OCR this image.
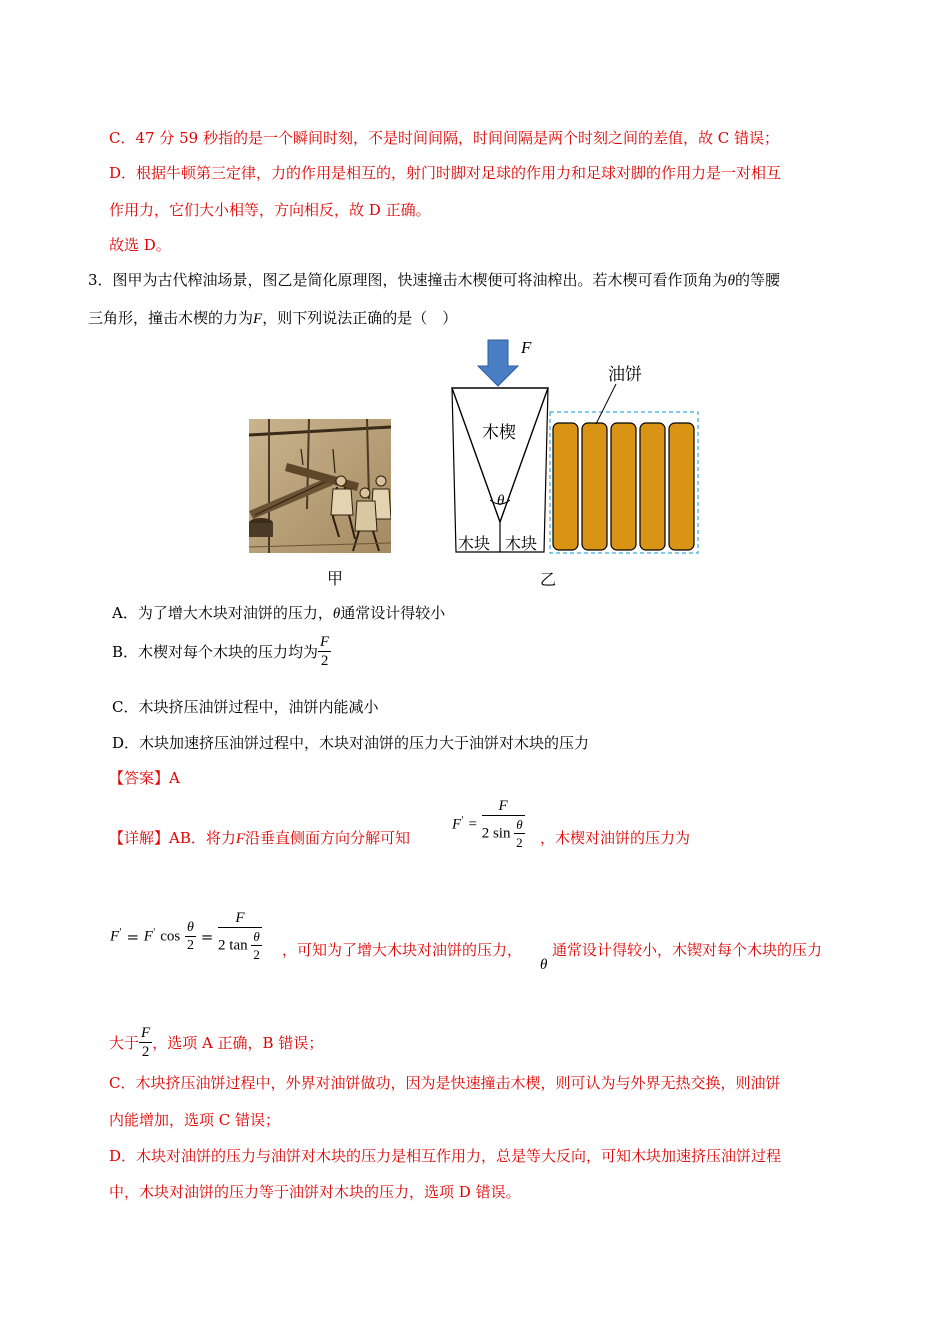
C．47 分 59 秒指的是一个瞬间时刻，不是时间间隔，时间间隔是两个时刻之间的差值，故 C 错误；
D．根据牛顿第三定律，力的作用是相互的，射门时脚对足球的作用力和足球对脚的作用力是一对相互
作用力，它们大小相等，方向相反，故 D 正确。
故选 D。
3．图甲为古代榨油场景，图乙是简化原理图，快速撞击木楔便可将油榨出。若木楔可看作顶角为θ的等腰
三角形，撞击木楔的力为F，则下列说法正确的是（　）
甲
F
木楔
θ
木块 木块
油饼
乙
A．为了增大木块对油饼的压力，θ通常设计得较小
B．木楔对每个木块的压力均为 $\frac{F}{2}$
C．木块挤压油饼过程中，油饼内能减小
D．木块加速挤压油饼过程中，木块对油饼的压力大于油饼对木块的压力
【答案】A
【详解】AB．将力F沿垂直侧面方向分解可知
$F' = \frac{F}{2 \sin \frac{\theta}{2}}$ ，木楔对油饼的压力为
F' = F' $\cos \frac{\theta}{2} = \frac{F}{2 \tan \frac{\theta}{2}}$ ，可知为了增大木块对油饼的压力，
θ
通常设计得较小，木锲对每个木块的压力
大于 $\frac{F}{2}$ ，选项 A 正确，B 错误；
C．木块挤压油饼过程中，外界对油饼做功，因为是快速撞击木楔，则可认为与外界无热交换，则油饼
内能增加，选项 C 错误；
D．木块对油饼的压力与油饼对木块的压力是相互作用力，总是等大反向，可知木块加速挤压油饼过程
中，木块对油饼的压力等于油饼对木块的压力，选项 D 错误。
